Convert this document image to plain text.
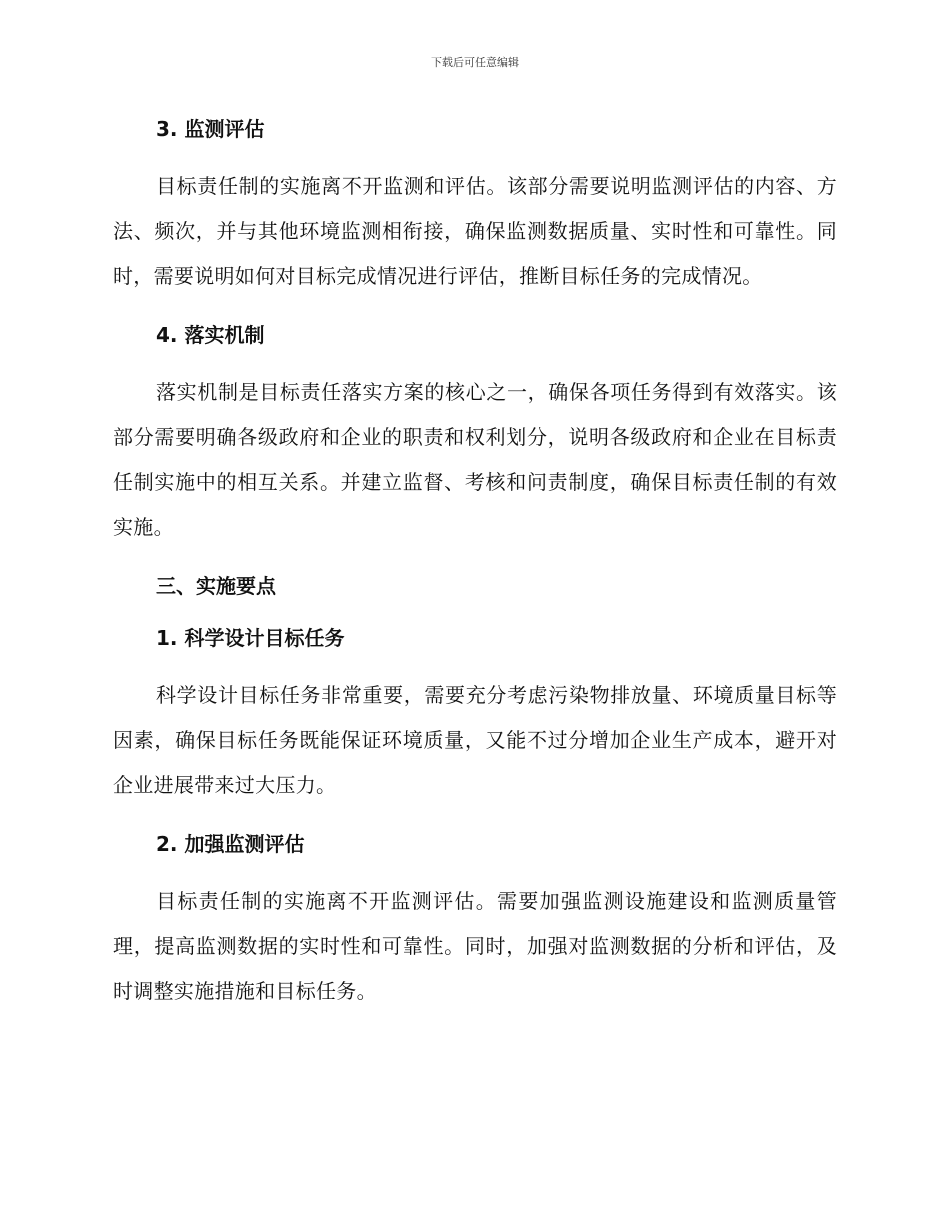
下载后可任意编辑
3. 监测评估

目标责任制的实施离不开监测和评估。该部分需要说明监测评估的内容、方法、频次，并与其他环境监测相衔接，确保监测数据质量、实时性和可靠性。同时，需要说明如何对目标完成情况进行评估，推断目标任务的完成情况。

4. 落实机制

落实机制是目标责任落实方案的核心之一，确保各项任务得到有效落实。该部分需要明确各级政府和企业的职责和权利划分，说明各级政府和企业在目标责任制实施中的相互关系。并建立监督、考核和问责制度，确保目标责任制的有效实施。

三、实施要点
1. 科学设计目标任务

科学设计目标任务非常重要，需要充分考虑污染物排放量、环境质量目标等因素，确保目标任务既能保证环境质量，又能不过分增加企业生产成本，避开对企业进展带来过大压力。

2. 加强监测评估

目标责任制的实施离不开监测评估。需要加强监测设施建设和监测质量管理，提高监测数据的实时性和可靠性。同时，加强对监测数据的分析和评估，及时调整实施措施和目标任务。
